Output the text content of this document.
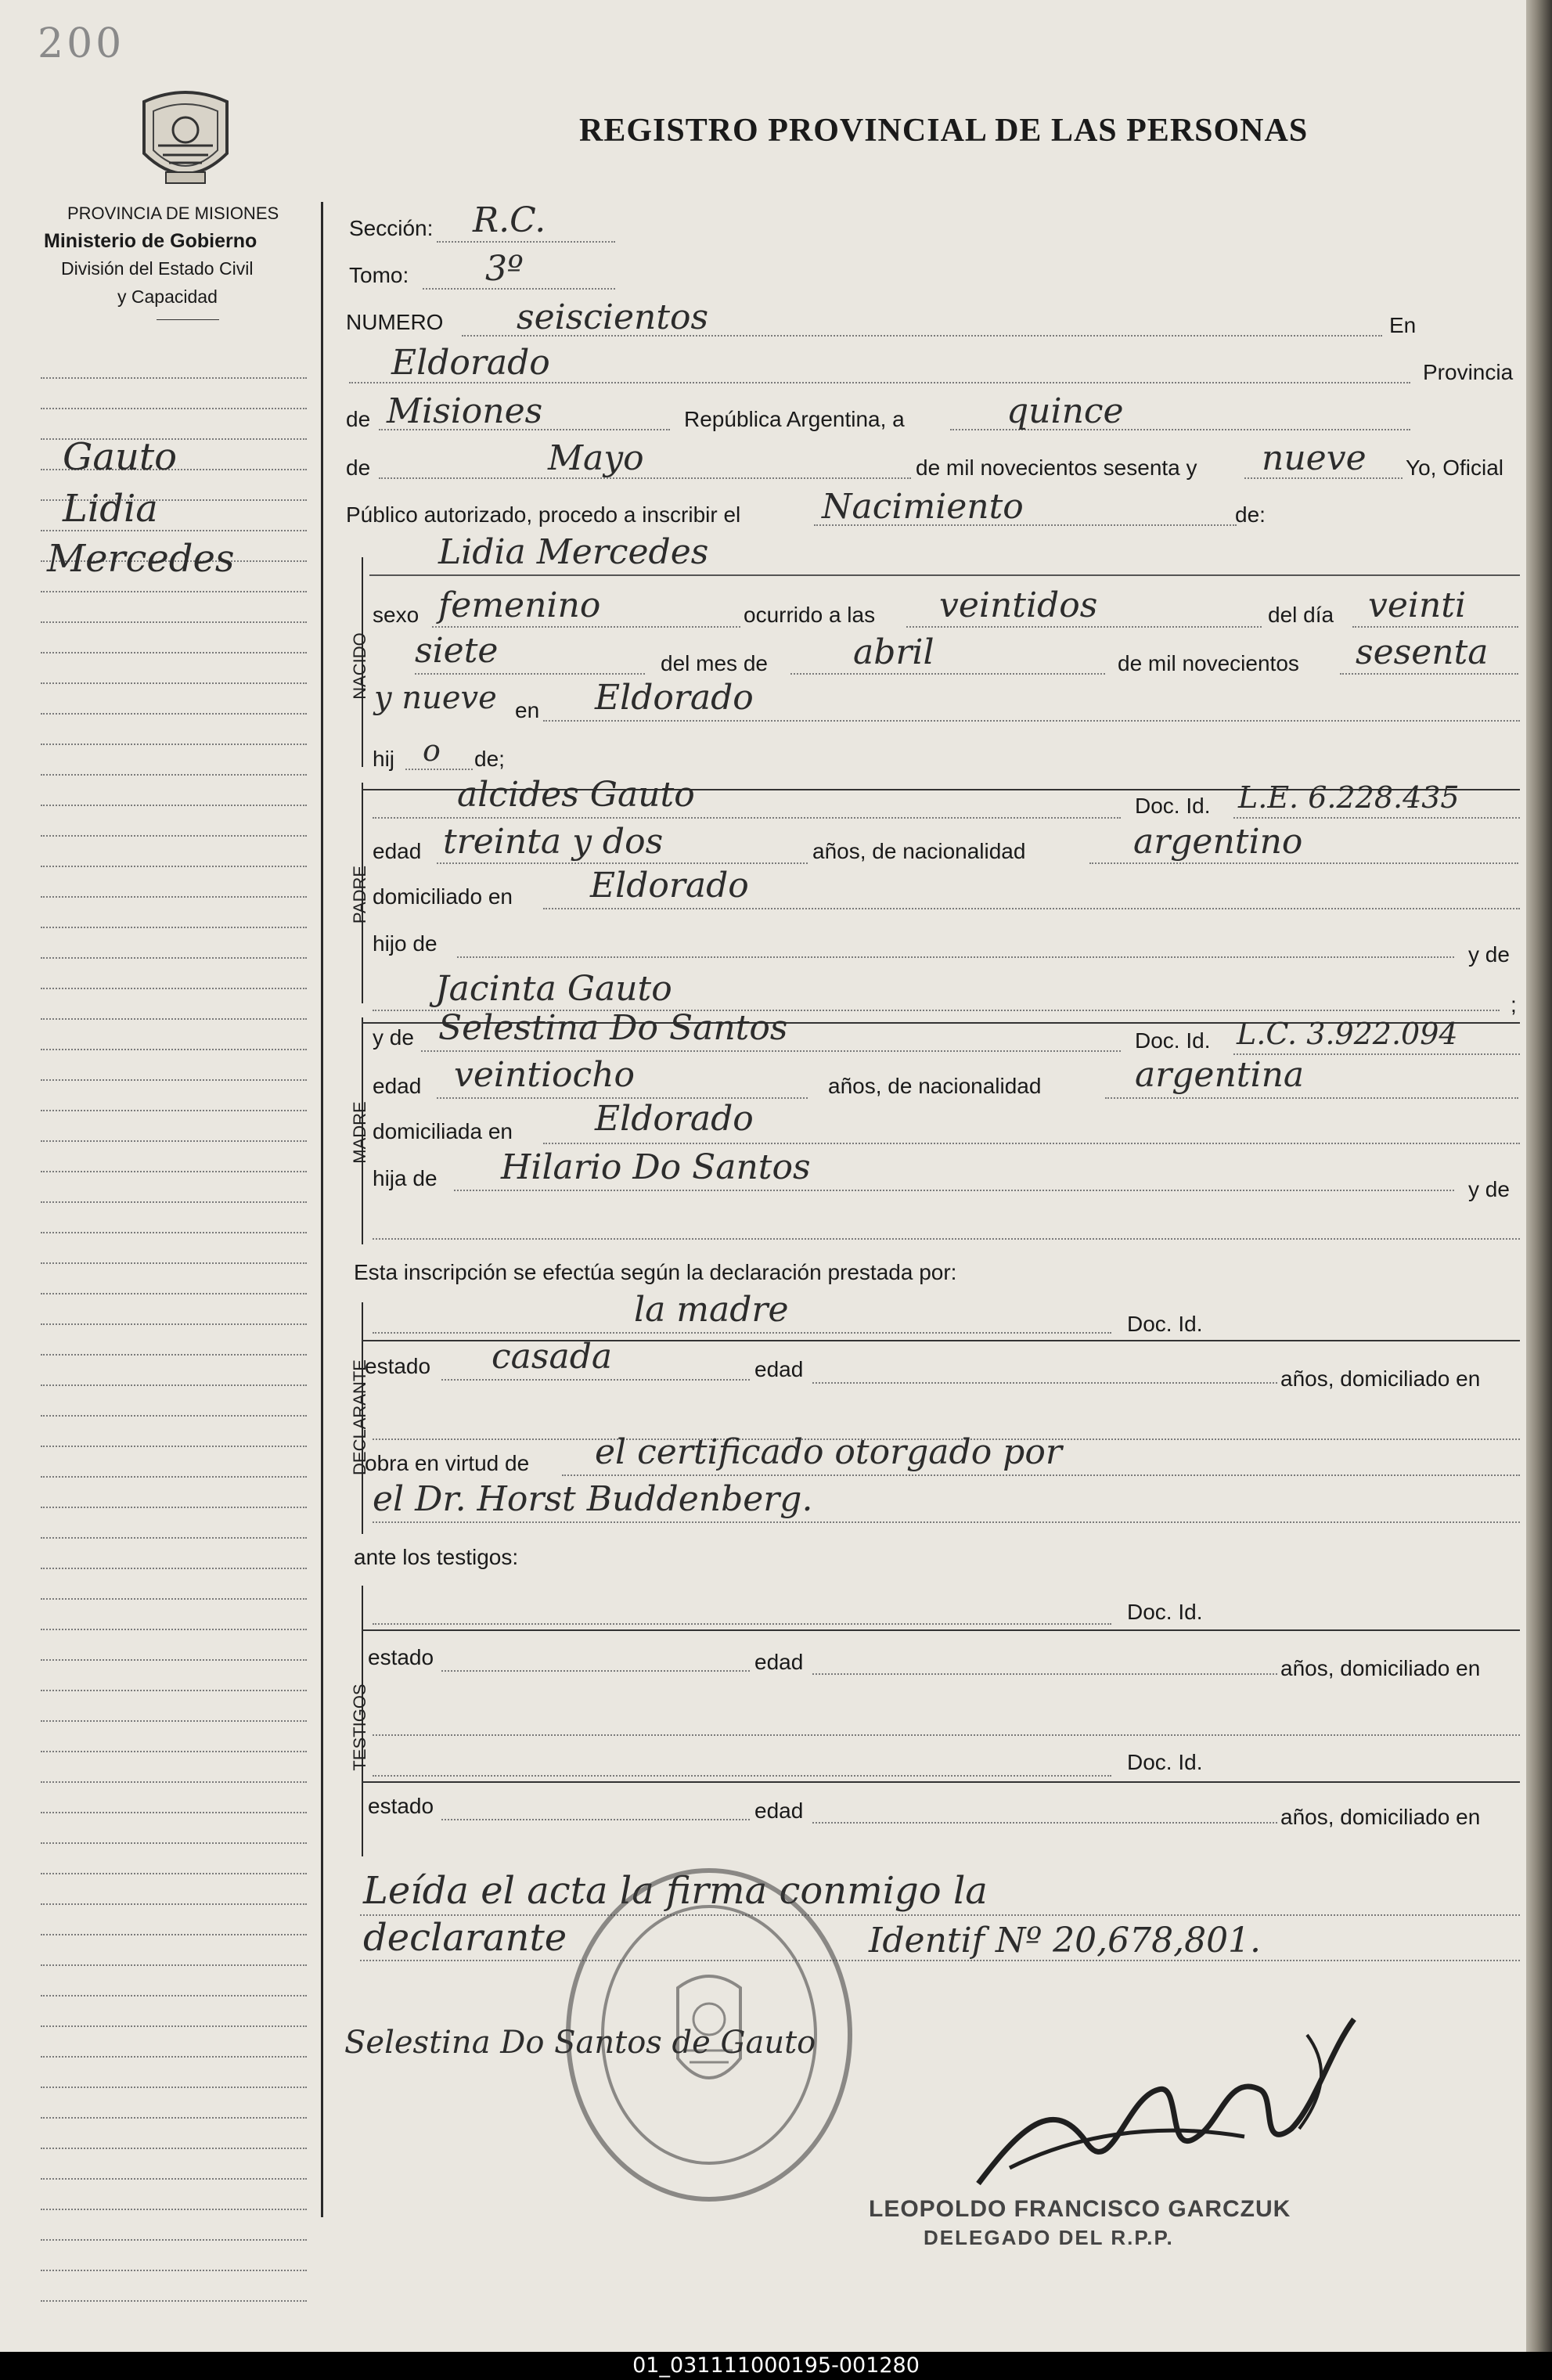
200
REGISTRO PROVINCIAL DE LAS PERSONAS
PROVINCIA DE MISIONES
Ministerio de Gobierno
División del Estado Civil
y Capacidad
Gauto
Lidia
Mercedes
Sección: R.C.
Tomo: 3º
NUMERO seiscientos	En
Eldorado	Provincia
de Misiones	República Argentina, a	quince
de	Mayo	de mil novecientos sesenta y nueve Yo, Oficial
Público autorizado, procedo a inscribir el Nacimiento	de:
NACIDO
Lidia Mercedes
sexo femenino	ocurrido a las veintidos	del día veinti
siete	del mes de abril	de mil novecientos sesenta
y nueve en Eldorado
hij o de;
PADRE
alcides Gauto	Doc. Id. L.E. 6.228.435
edad treinta y dos	años, de nacionalidad	argentino
domiciliado en Eldorado
hijo de	y de
Jacinta Gauto	;
MADRE
y de Selestina Do Santos	Doc. Id. L.C. 3.922.094
edad veintiocho	años, de nacionalidad	argentina
domiciliada en Eldorado
hija de Hilario Do Santos
y de
Esta inscripción se efectúa según la declaración prestada por:
DECLARANTE
la madre	Doc. Id.
estado casada	edad	años, domiciliado en
obra en virtud de el certificado otorgado por
el Dr. Horst Buddenberg.
ante los testigos:
TESTIGOS
Doc. Id.
estado	edad	años, domiciliado en
Doc. Id.
estado	edad	años, domiciliado en
Leída el acta la firma conmigo la
declarante	Identif Nº 20,678,801.
Selestina Do Santos de Gauto
LEOPOLDO FRANCISCO GARCZUK
DELEGADO DEL R.P.P.
01_031111000195-001280
